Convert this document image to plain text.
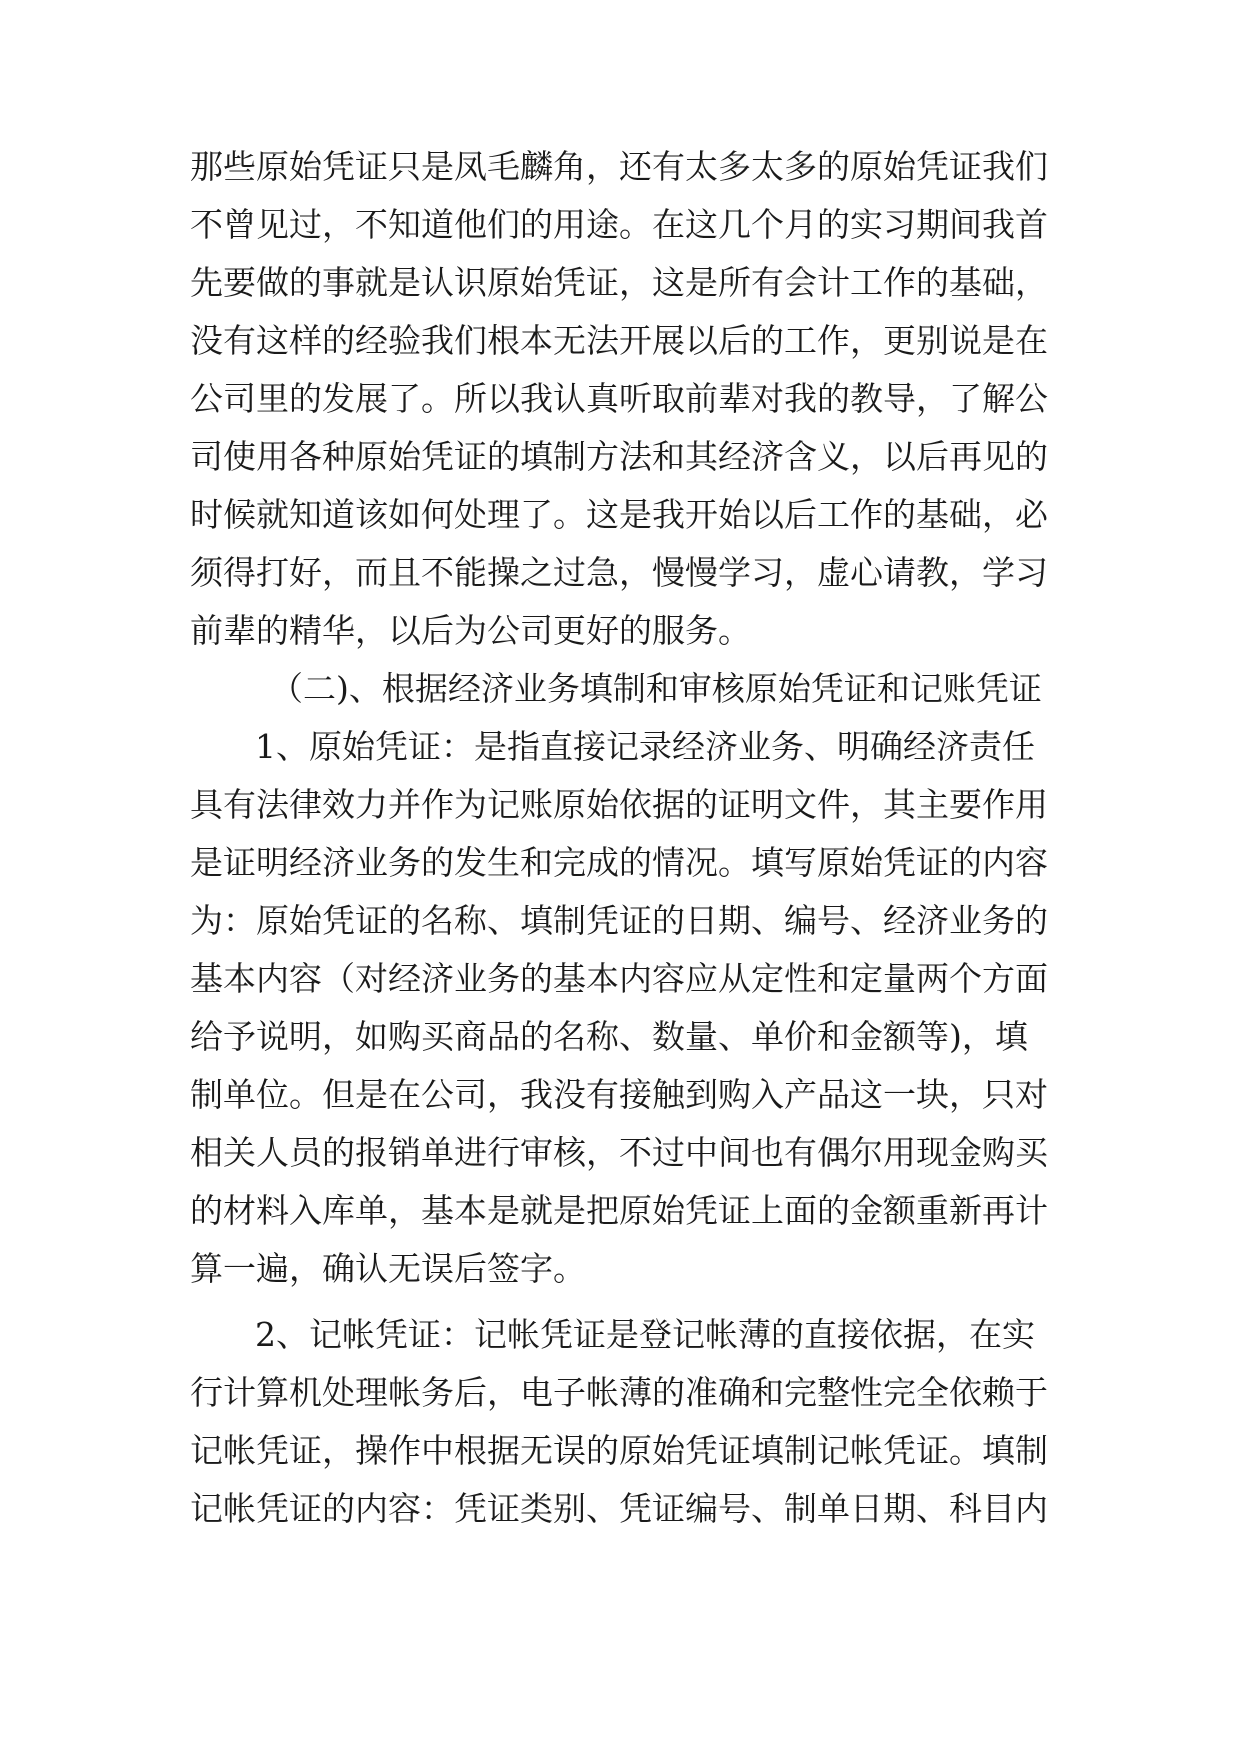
那些原始凭证只是凤毛麟角，还有太多太多的原始凭证我们
不曾见过，不知道他们的用途。在这几个月的实习期间我首
先要做的事就是认识原始凭证，这是所有会计工作的基础，
没有这样的经验我们根本无法开展以后的工作，更别说是在
公司里的发展了。所以我认真听取前辈对我的教导，了解公
司使用各种原始凭证的填制方法和其经济含义，以后再见的
时候就知道该如何处理了。这是我开始以后工作的基础，必
须得打好，而且不能操之过急，慢慢学习，虚心请教，学习
前辈的精华，以后为公司更好的服务。
（二)、根据经济业务填制和审核原始凭证和记账凭证
1、原始凭证：是指直接记录经济业务、明确经济责任
具有法律效力并作为记账原始依据的证明文件，其主要作用
是证明经济业务的发生和完成的情况。填写原始凭证的内容
为：原始凭证的名称、填制凭证的日期、编号、经济业务的
基本内容（对经济业务的基本内容应从定性和定量两个方面
给予说明，如购买商品的名称、数量、单价和金额等)，填
制单位。但是在公司，我没有接触到购入产品这一块，只对
相关人员的报销单进行审核，不过中间也有偶尔用现金购买
的材料入库单，基本是就是把原始凭证上面的金额重新再计
算一遍，确认无误后签字。
2、记帐凭证：记帐凭证是登记帐薄的直接依据，在实
行计算机处理帐务后，电子帐薄的准确和完整性完全依赖于
记帐凭证，操作中根据无误的原始凭证填制记帐凭证。填制
记帐凭证的内容：凭证类别、凭证编号、制单日期、科目内
